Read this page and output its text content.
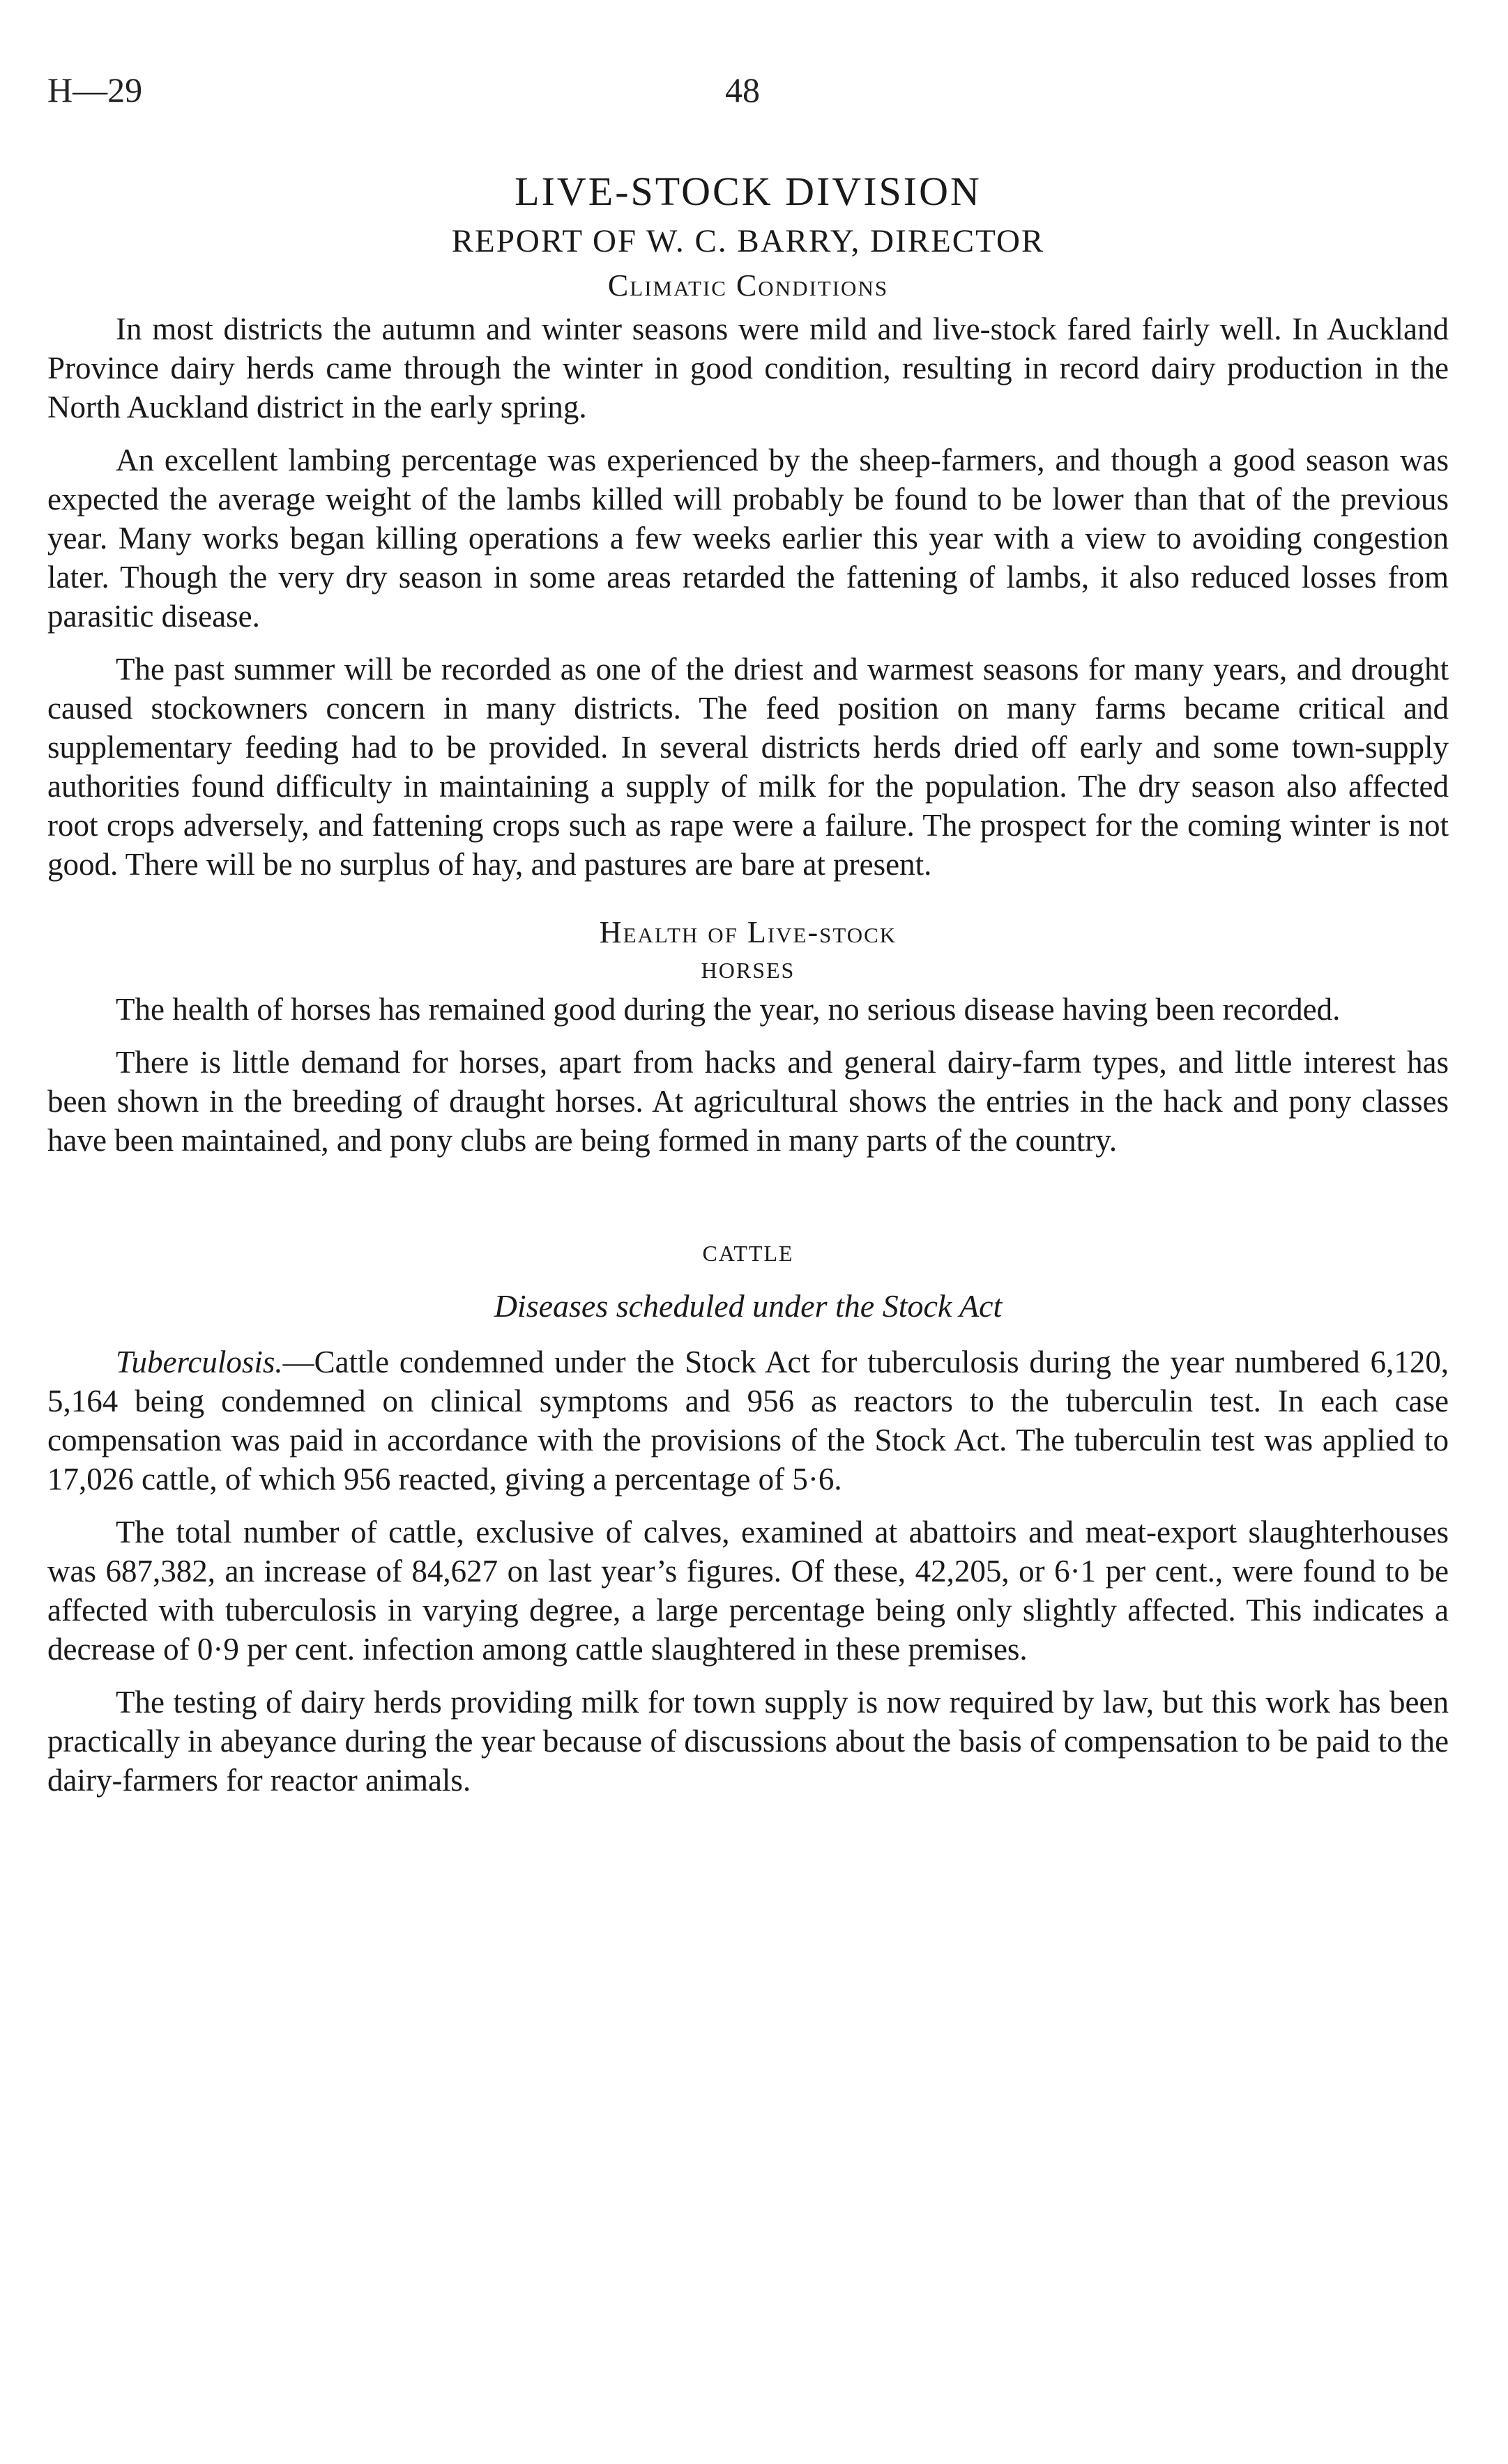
H—29	48
LIVE-STOCK DIVISION
REPORT OF W. C. BARRY, DIRECTOR
Climatic Conditions

In most districts the autumn and winter seasons were mild and live-stock fared fairly well. In Auckland Province dairy herds came through the winter in good condition, resulting in record dairy production in the North Auckland district in the early spring.

An excellent lambing percentage was experienced by the sheep-farmers, and though a good season was expected the average weight of the lambs killed will probably be found to be lower than that of the previous year. Many works began killing operations a few weeks earlier this year with a view to avoiding congestion later. Though the very dry season in some areas retarded the fattening of lambs, it also reduced losses from parasitic disease.

The past summer will be recorded as one of the driest and warmest seasons for many years, and drought caused stockowners concern in many districts. The feed position on many farms became critical and supplementary feeding had to be provided. In several districts herds dried off early and some town-supply authorities found difficulty in maintaining a supply of milk for the population. The dry season also affected root crops adversely, and fattening crops such as rape were a failure. The prospect for the coming winter is not good. There will be no surplus of hay, and pastures are bare at present.

Health of Live-stock
HORSES

The health of horses has remained good during the year, no serious disease having been recorded.

There is little demand for horses, apart from hacks and general dairy-farm types, and little interest has been shown in the breeding of draught horses. At agricultural shows the entries in the hack and pony classes have been maintained, and pony clubs are being formed in many parts of the country.

CATTLE
Diseases scheduled under the Stock Act

Tuberculosis.—Cattle condemned under the Stock Act for tuberculosis during the year numbered 6,120, 5,164 being condemned on clinical symptoms and 956 as reactors to the tuberculin test. In each case compensation was paid in accordance with the provisions of the Stock Act. The tuberculin test was applied to 17,026 cattle, of which 956 reacted, giving a percentage of 5·6.

The total number of cattle, exclusive of calves, examined at abattoirs and meat-export slaughterhouses was 687,382, an increase of 84,627 on last year’s figures. Of these, 42,205, or 6·1 per cent., were found to be affected with tuberculosis in varying degree, a large percentage being only slightly affected. This indicates a decrease of 0·9 per cent. infection among cattle slaughtered in these premises.

The testing of dairy herds providing milk for town supply is now required by law, but this work has been practically in abeyance during the year because of discussions about the basis of compensation to be paid to the dairy-farmers for reactor animals.
